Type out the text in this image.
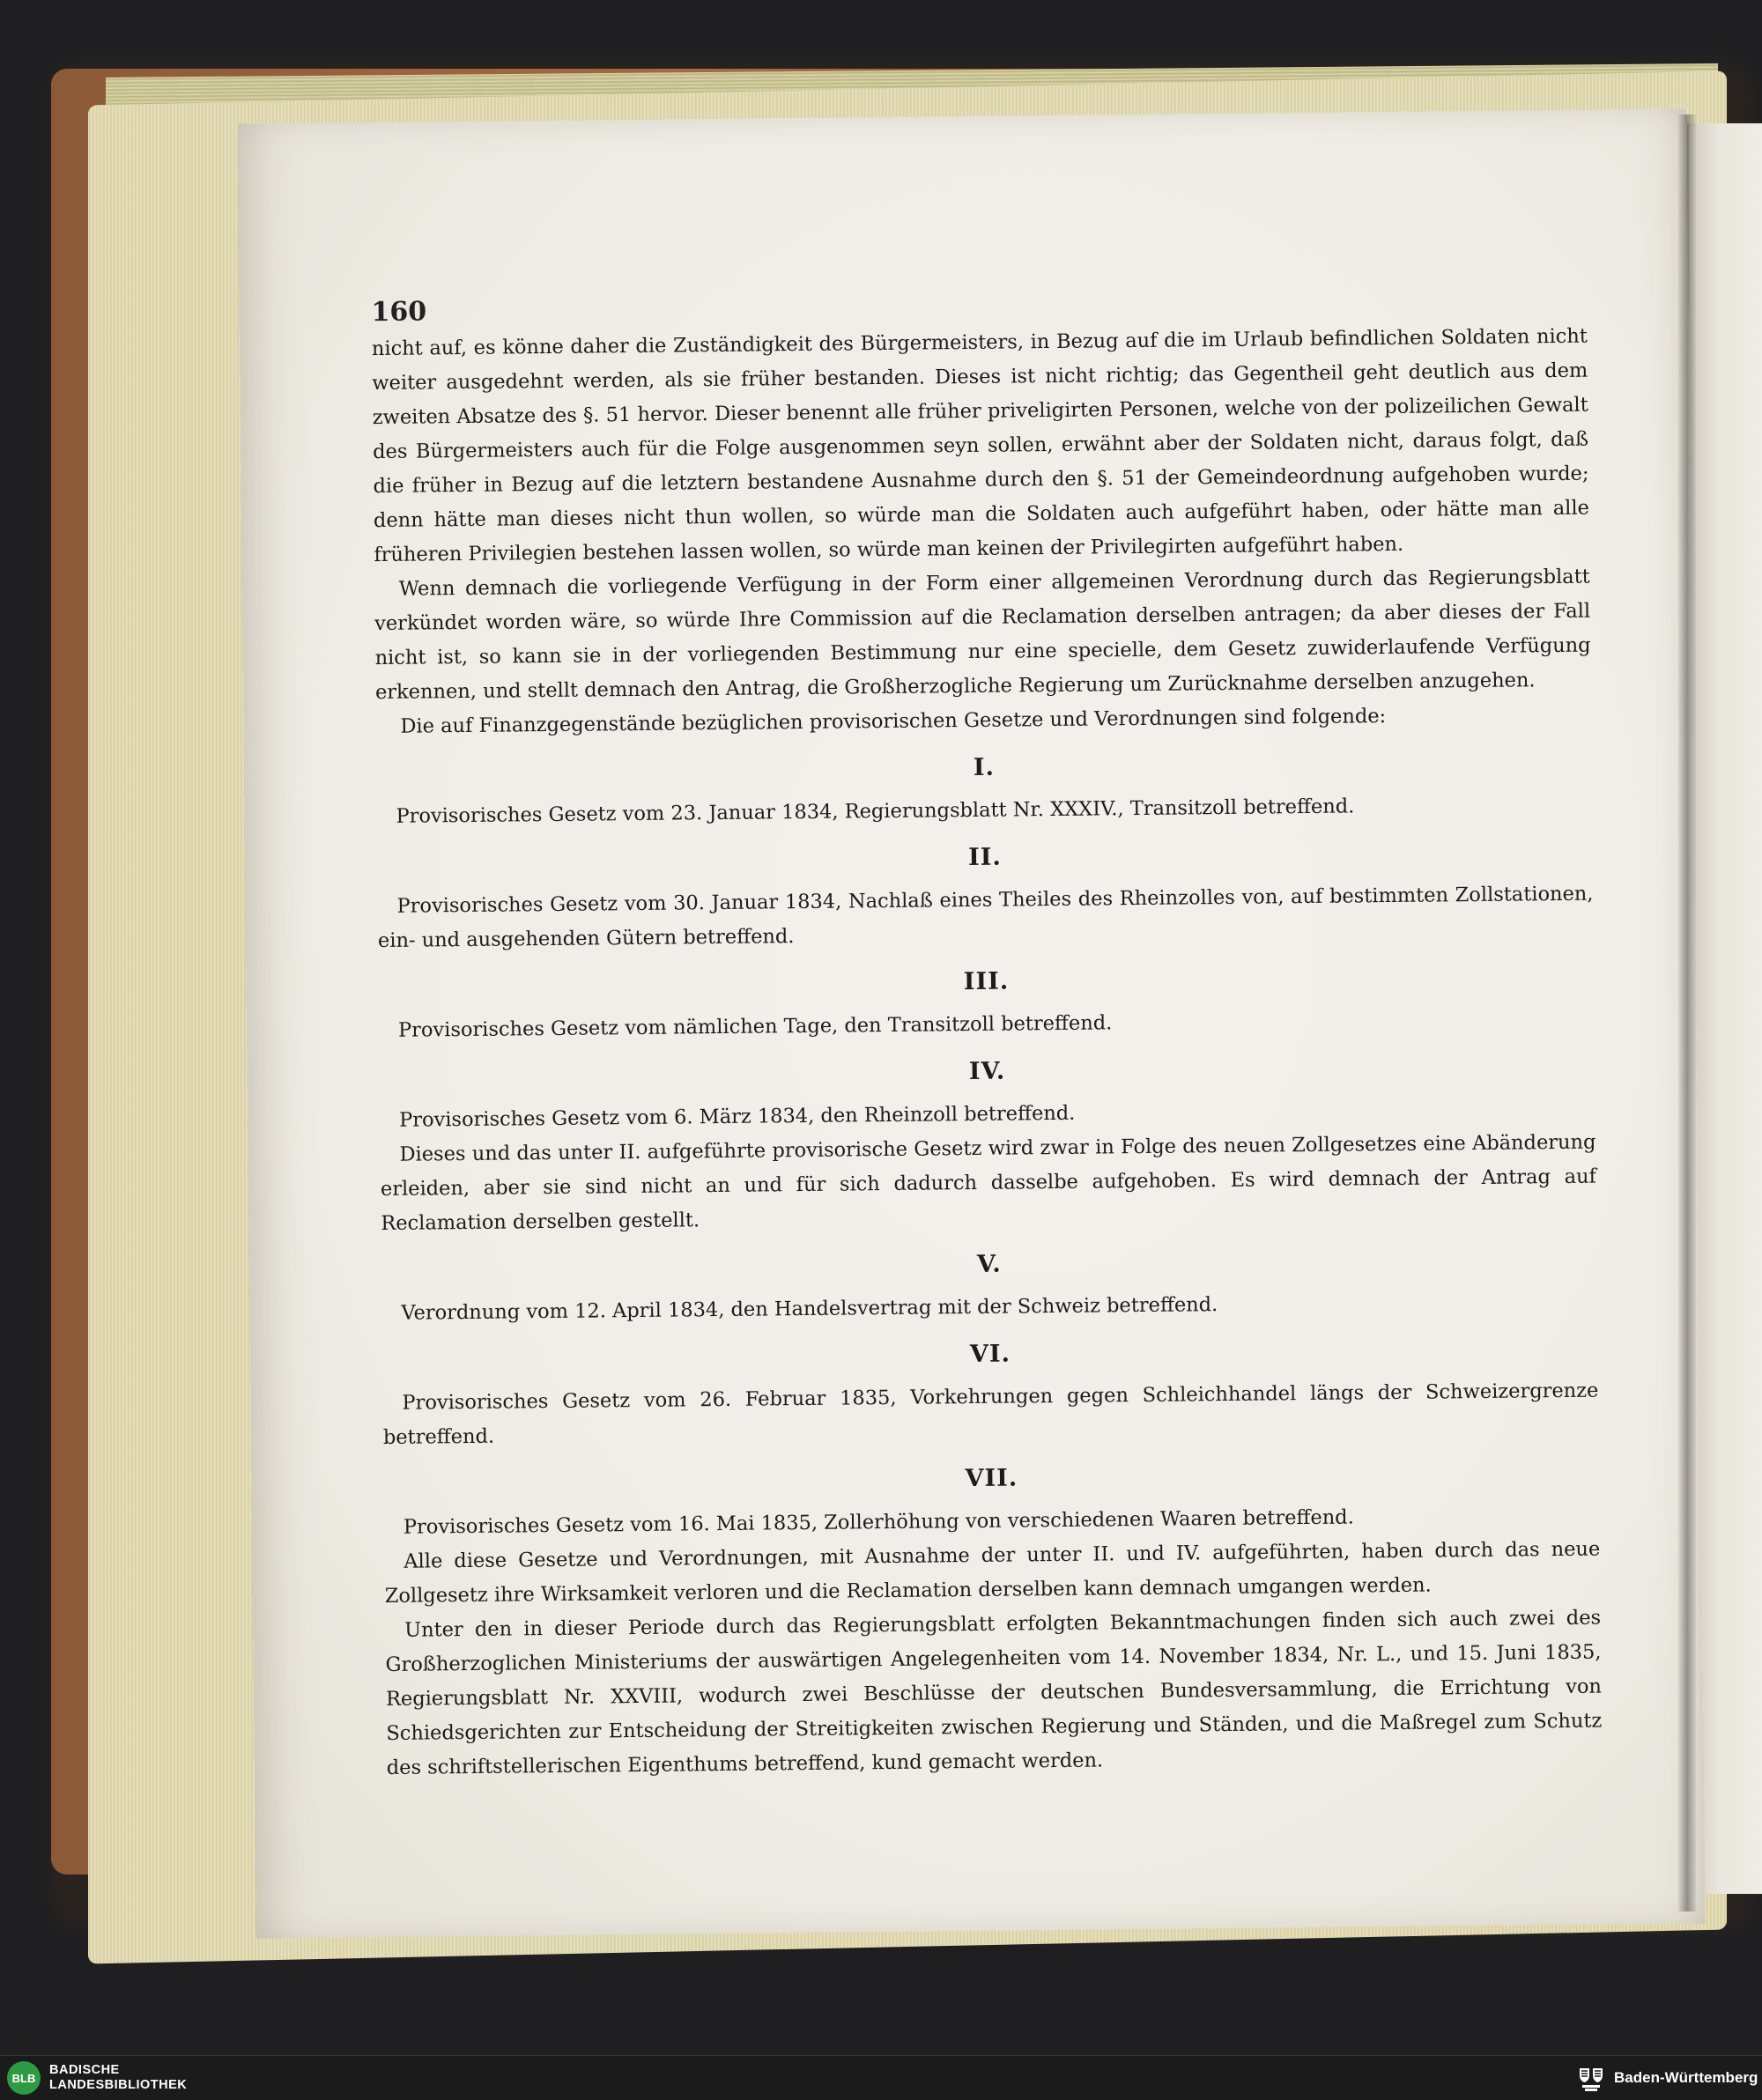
160

nicht auf, es könne daher die Zuständigkeit des Bürgermeisters, in Bezug auf die im Urlaub befindlichen Soldaten nicht weiter ausgedehnt werden, als sie früher bestanden. Dieses ist nicht richtig; das Gegentheil geht deutlich aus dem zweiten Absatze des §. 51 hervor. Dieser benennt alle früher priveligirten Personen, welche von der polizeilichen Gewalt des Bürgermeisters auch für die Folge ausgenommen seyn sollen, erwähnt aber der Soldaten nicht, daraus folgt, daß die früher in Bezug auf die letztern bestandene Ausnahme durch den §. 51 der Gemeindeordnung aufgehoben wurde; denn hätte man dieses nicht thun wollen, so würde man die Soldaten auch aufgeführt haben, oder hätte man alle früheren Privilegien bestehen lassen wollen, so würde man keinen der Privilegirten aufgeführt haben.

Wenn demnach die vorliegende Verfügung in der Form einer allgemeinen Verordnung durch das Regierungsblatt verkündet worden wäre, so würde Ihre Commission auf die Reclamation derselben antragen; da aber dieses der Fall nicht ist, so kann sie in der vorliegenden Bestimmung nur eine specielle, dem Gesetz zuwiderlaufende Verfügung erkennen, und stellt demnach den Antrag, die Großherzogliche Regierung um Zurücknahme derselben anzugehen.

Die auf Finanzgegenstände bezüglichen provisorischen Gesetze und Verordnungen sind folgende:

I.

Provisorisches Gesetz vom 23. Januar 1834, Regierungsblatt Nr. XXXIV., Transitzoll betreffend.

II.

Provisorisches Gesetz vom 30. Januar 1834, Nachlaß eines Theiles des Rheinzolles von, auf bestimmten Zollstationen, ein- und ausgehenden Gütern betreffend.

III.

Provisorisches Gesetz vom nämlichen Tage, den Transitzoll betreffend.

IV.

Provisorisches Gesetz vom 6. März 1834, den Rheinzoll betreffend.

Dieses und das unter II. aufgeführte provisorische Gesetz wird zwar in Folge des neuen Zollgesetzes eine Abänderung erleiden, aber sie sind nicht an und für sich dadurch dasselbe aufgehoben. Es wird demnach der Antrag auf Reclamation derselben gestellt.

V.

Verordnung vom 12. April 1834, den Handelsvertrag mit der Schweiz betreffend.

VI.

Provisorisches Gesetz vom 26. Februar 1835, Vorkehrungen gegen Schleichhandel längs der Schweizergrenze betreffend.

VII.

Provisorisches Gesetz vom 16. Mai 1835, Zollerhöhung von verschiedenen Waaren betreffend.

Alle diese Gesetze und Verordnungen, mit Ausnahme der unter II. und IV. aufgeführten, haben durch das neue Zollgesetz ihre Wirksamkeit verloren und die Reclamation derselben kann demnach umgangen werden.

Unter den in dieser Periode durch das Regierungsblatt erfolgten Bekanntmachungen finden sich auch zwei des Großherzoglichen Ministeriums der auswärtigen Angelegenheiten vom 14. November 1834, Nr. L., und 15. Juni 1835, Regierungsblatt Nr. XXVIII, wodurch zwei Beschlüsse der deutschen Bundesversammlung, die Errichtung von Schiedsgerichten zur Entscheidung der Streitigkeiten zwischen Regierung und Ständen, und die Maßregel zum Schutz des schriftstellerischen Eigenthums betreffend, kund gemacht werden.

BLB
BADISCHE
LANDESBIBLIOTHEK	Baden-Württemberg
